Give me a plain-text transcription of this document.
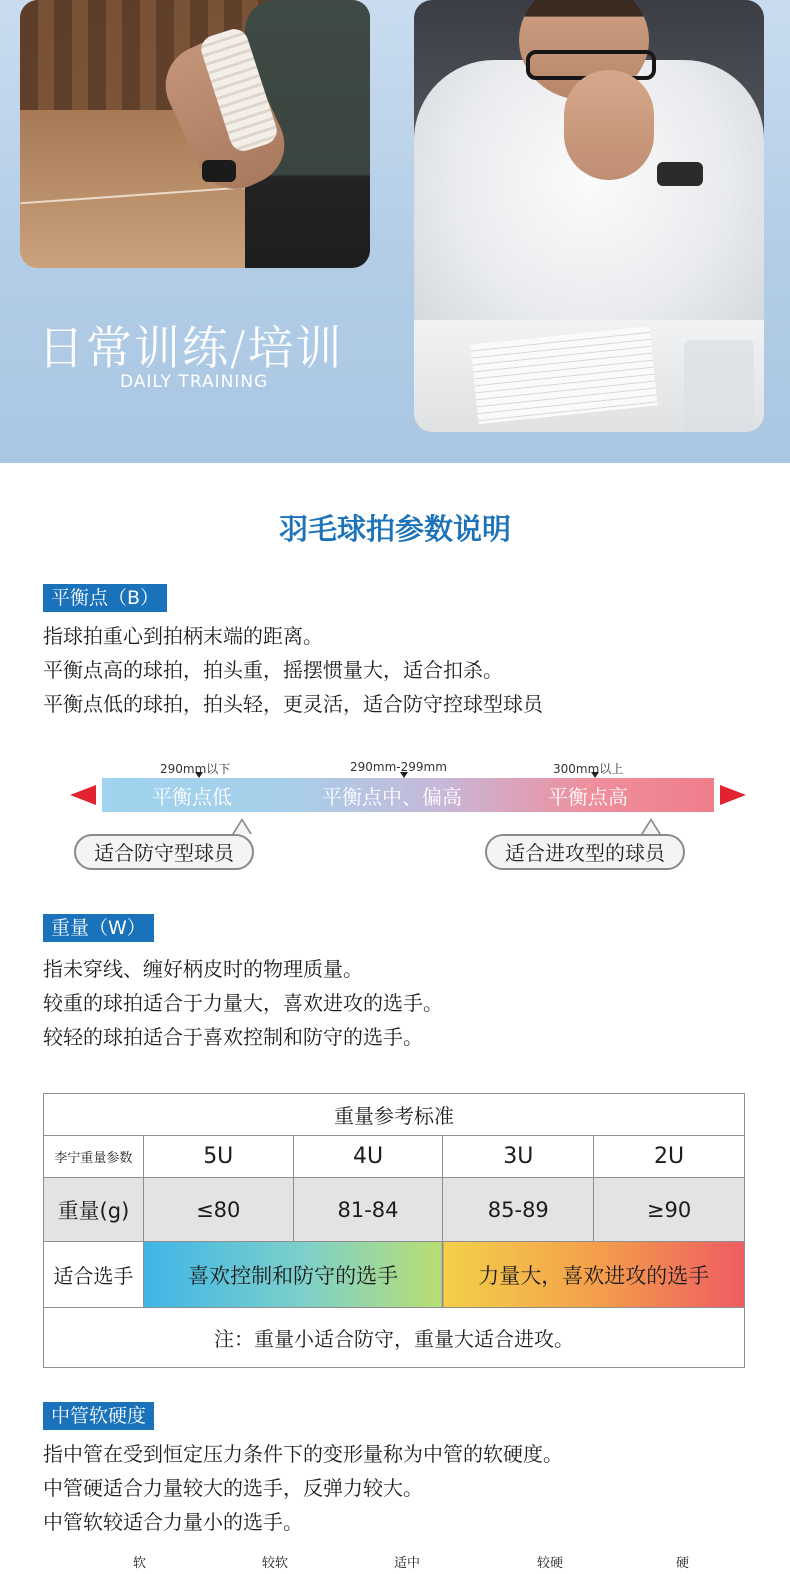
日常训练/培训
DAILY TRAINING
羽毛球拍参数说明
平衡点（B）
指球拍重心到拍柄末端的距离。
平衡点高的球拍，拍头重，摇摆惯量大，适合扣杀。
平衡点低的球拍，拍头轻，更灵活，适合防守控球型球员
290mm以下	290mm-299mm	300mm以上
平衡点低	平衡点中、偏高	平衡点高
适合防守型球员	适合进攻型的球员
重量（W）
指未穿线、缠好柄皮时的物理质量。
较重的球拍适合于力量大，喜欢进攻的选手。
较轻的球拍适合于喜欢控制和防守的选手。
重量参考标准				
李宁重量参数	5U	4U	3U	2U
重量(g)	≤80	81-84	85-89	≥90
适合选手	喜欢控制和防守的选手		力量大，喜欢进攻的选手	
注：重量小适合防守，重量大适合进攻。				
中管软硬度
指中管在受到恒定压力条件下的变形量称为中管的软硬度。
中管硬适合力量较大的选手，反弹力较大。
中管软较适合力量小的选手。
软	较软	适中	较硬	硬
